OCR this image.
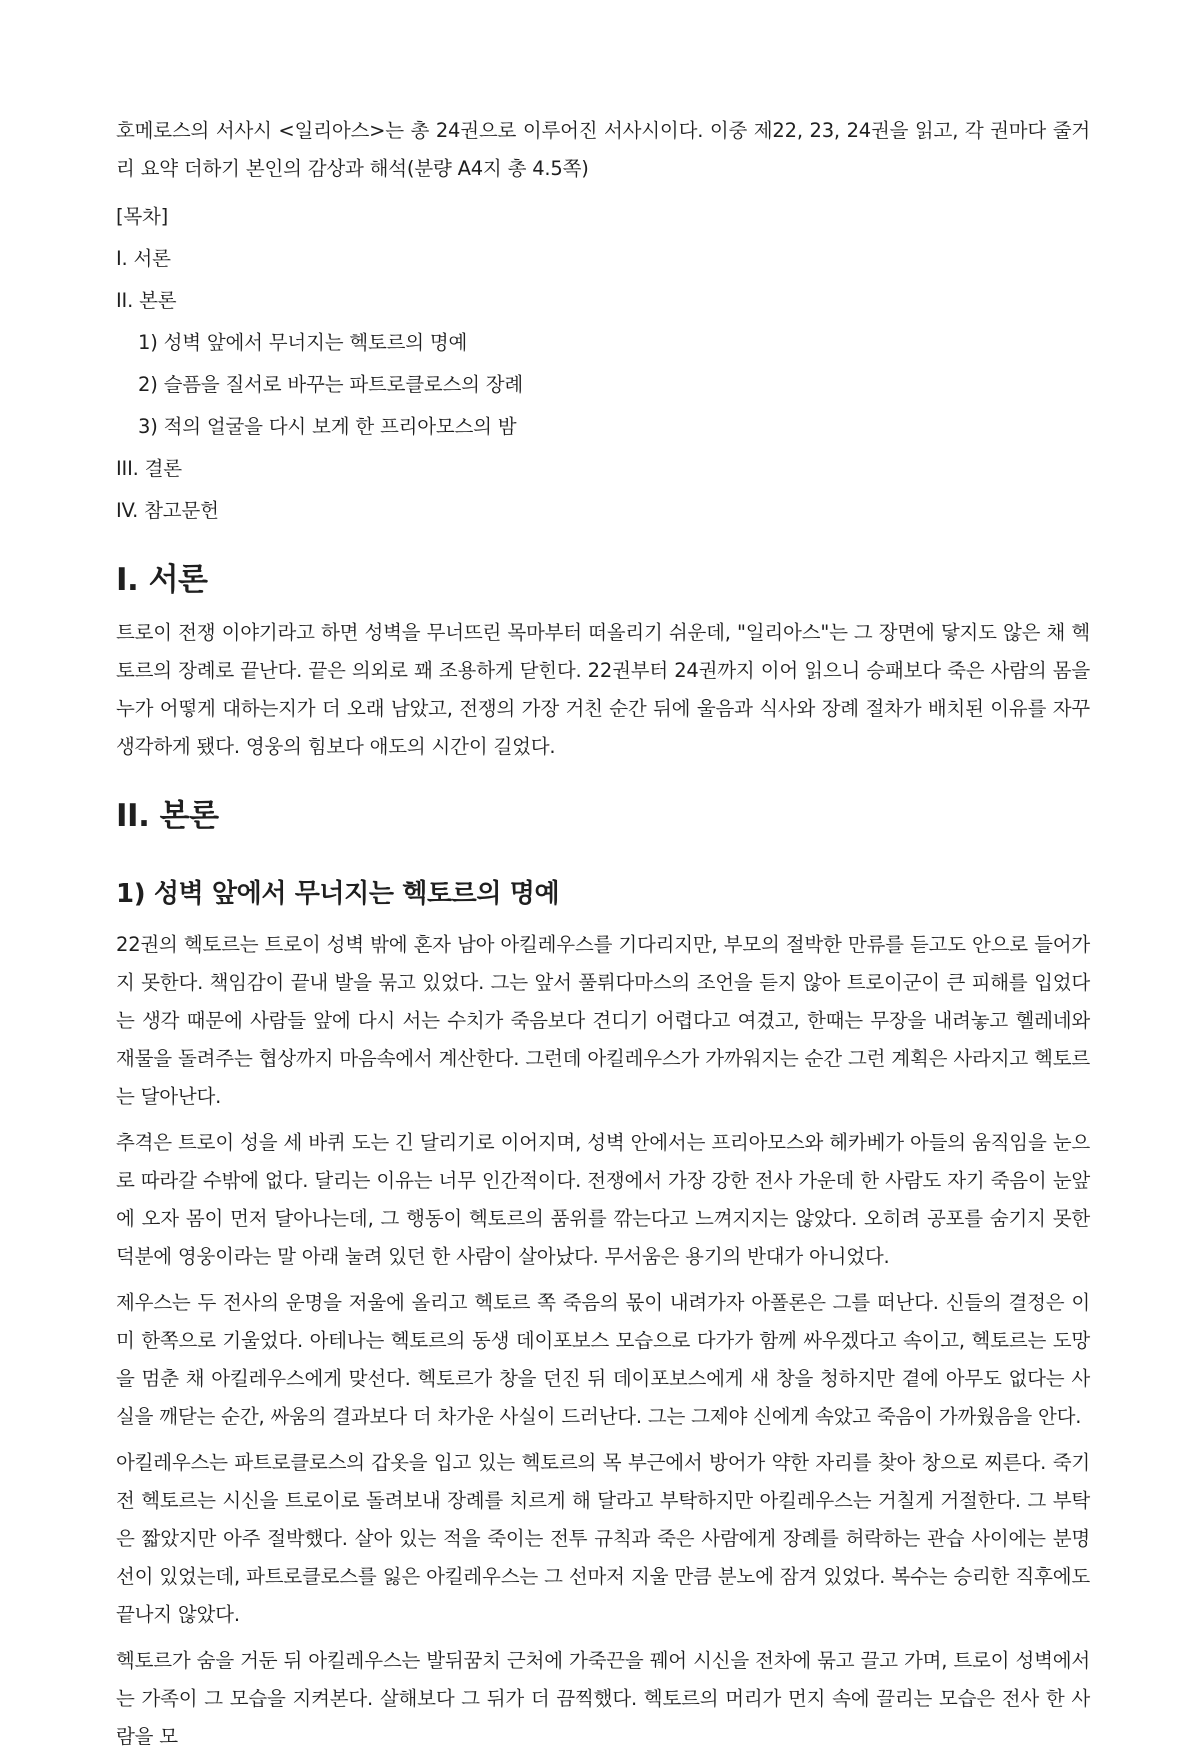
호메로스의 서사시 <일리아스>는 총 24권으로 이루어진 서사시이다. 이중 제22, 23, 24권을 읽고, 각 권마다 줄거리 요약 더하기 본인의 감상과 해석(분량 A4지 총 4.5쪽)

[목차]

I. 서론
II. 본론
1) 성벽 앞에서 무너지는 헥토르의 명예
2) 슬픔을 질서로 바꾸는 파트로클로스의 장례
3) 적의 얼굴을 다시 보게 한 프리아모스의 밤
III. 결론
IV. 참고문헌
I. 서론

트로이 전쟁 이야기라고 하면 성벽을 무너뜨린 목마부터 떠올리기 쉬운데, "일리아스"는 그 장면에 닿지도 않은 채 헥토르의 장례로 끝난다. 끝은 의외로 꽤 조용하게 닫힌다. 22권부터 24권까지 이어 읽으니 승패보다 죽은 사람의 몸을 누가 어떻게 대하는지가 더 오래 남았고, 전쟁의 가장 거친 순간 뒤에 울음과 식사와 장례 절차가 배치된 이유를 자꾸 생각하게 됐다. 영웅의 힘보다 애도의 시간이 길었다.

II. 본론
1) 성벽 앞에서 무너지는 헥토르의 명예

22권의 헥토르는 트로이 성벽 밖에 혼자 남아 아킬레우스를 기다리지만, 부모의 절박한 만류를 듣고도 안으로 들어가지 못한다. 책임감이 끝내 발을 묶고 있었다. 그는 앞서 풀뤼다마스의 조언을 듣지 않아 트로이군이 큰 피해를 입었다는 생각 때문에 사람들 앞에 다시 서는 수치가 죽음보다 견디기 어렵다고 여겼고, 한때는 무장을 내려놓고 헬레네와 재물을 돌려주는 협상까지 마음속에서 계산한다. 그런데 아킬레우스가 가까워지는 순간 그런 계획은 사라지고 헥토르는 달아난다.

추격은 트로이 성을 세 바퀴 도는 긴 달리기로 이어지며, 성벽 안에서는 프리아모스와 헤카베가 아들의 움직임을 눈으로 따라갈 수밖에 없다. 달리는 이유는 너무 인간적이다. 전쟁에서 가장 강한 전사 가운데 한 사람도 자기 죽음이 눈앞에 오자 몸이 먼저 달아나는데, 그 행동이 헥토르의 품위를 깎는다고 느껴지지는 않았다. 오히려 공포를 숨기지 못한 덕분에 영웅이라는 말 아래 눌려 있던 한 사람이 살아났다. 무서움은 용기의 반대가 아니었다.

제우스는 두 전사의 운명을 저울에 올리고 헥토르 쪽 죽음의 몫이 내려가자 아폴론은 그를 떠난다. 신들의 결정은 이미 한쪽으로 기울었다. 아테나는 헥토르의 동생 데이포보스 모습으로 다가가 함께 싸우겠다고 속이고, 헥토르는 도망을 멈춘 채 아킬레우스에게 맞선다. 헥토르가 창을 던진 뒤 데이포보스에게 새 창을 청하지만 곁에 아무도 없다는 사실을 깨닫는 순간, 싸움의 결과보다 더 차가운 사실이 드러난다. 그는 그제야 신에게 속았고 죽음이 가까웠음을 안다.

아킬레우스는 파트로클로스의 갑옷을 입고 있는 헥토르의 목 부근에서 방어가 약한 자리를 찾아 창으로 찌른다. 죽기 전 헥토르는 시신을 트로이로 돌려보내 장례를 치르게 해 달라고 부탁하지만 아킬레우스는 거칠게 거절한다. 그 부탁은 짧았지만 아주 절박했다. 살아 있는 적을 죽이는 전투 규칙과 죽은 사람에게 장례를 허락하는 관습 사이에는 분명 선이 있었는데, 파트로클로스를 잃은 아킬레우스는 그 선마저 지울 만큼 분노에 잠겨 있었다. 복수는 승리한 직후에도 끝나지 않았다.

헥토르가 숨을 거둔 뒤 아킬레우스는 발뒤꿈치 근처에 가죽끈을 꿰어 시신을 전차에 묶고 끌고 가며, 트로이 성벽에서는 가족이 그 모습을 지켜본다. 살해보다 그 뒤가 더 끔찍했다. 헥토르의 머리가 먼지 속에 끌리는 모습은 전사 한 사람을 모
